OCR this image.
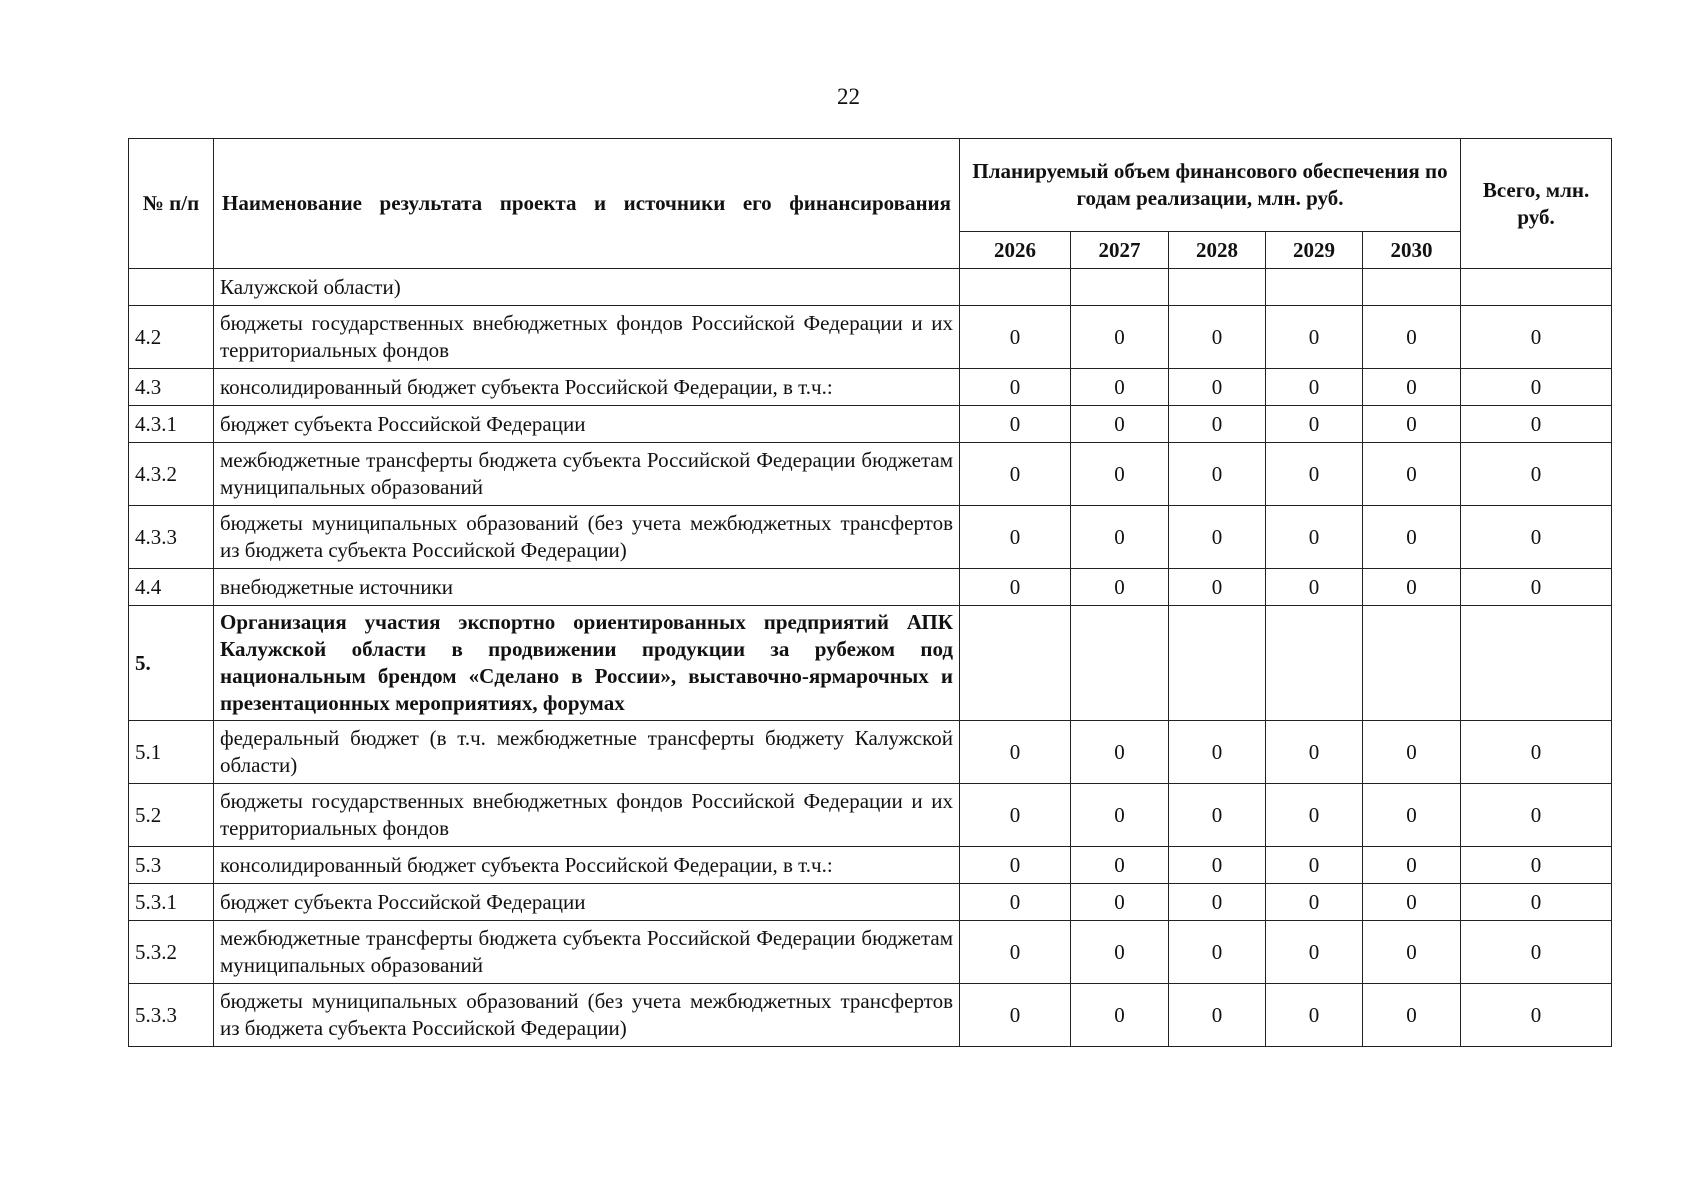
22
№ п/п	Наименование результата проекта и источники его финансирования	Планируемый объем финансового обеспечения по годам реализации, млн. руб.					Всего, млн. руб.
		2026	2027	2028	2029	2030	
	Калужской области)						
4.2	бюджеты государственных внебюджетных фондов Российской Федерации и их территориальных фондов	0	0	0	0	0	0
4.3	консолидированный бюджет субъекта Российской Федерации, в т.ч.:	0	0	0	0	0	0
4.3.1	бюджет субъекта Российской Федерации	0	0	0	0	0	0
4.3.2	межбюджетные трансферты бюджета субъекта Российской Федерации бюджетам муниципальных образований	0	0	0	0	0	0
4.3.3	бюджеты муниципальных образований (без учета межбюджетных трансфертов из бюджета субъекта Российской Федерации)	0	0	0	0	0	0
4.4	внебюджетные источники	0	0	0	0	0	0
5.	Организация участия экспортно ориентированных предприятий АПК Калужской области в продвижении продукции за рубежом под национальным брендом «Сделано в России», выставочно-ярмарочных и презентационных мероприятиях, форумах						
5.1	федеральный бюджет (в т.ч. межбюджетные трансферты бюджету Калужской области)	0	0	0	0	0	0
5.2	бюджеты государственных внебюджетных фондов Российской Федерации и их территориальных фондов	0	0	0	0	0	0
5.3	консолидированный бюджет субъекта Российской Федерации, в т.ч.:	0	0	0	0	0	0
5.3.1	бюджет субъекта Российской Федерации	0	0	0	0	0	0
5.3.2	межбюджетные трансферты бюджета субъекта Российской Федерации бюджетам муниципальных образований	0	0	0	0	0	0
5.3.3	бюджеты муниципальных образований (без учета межбюджетных трансфертов из бюджета субъекта Российской Федерации)	0	0	0	0	0	0
